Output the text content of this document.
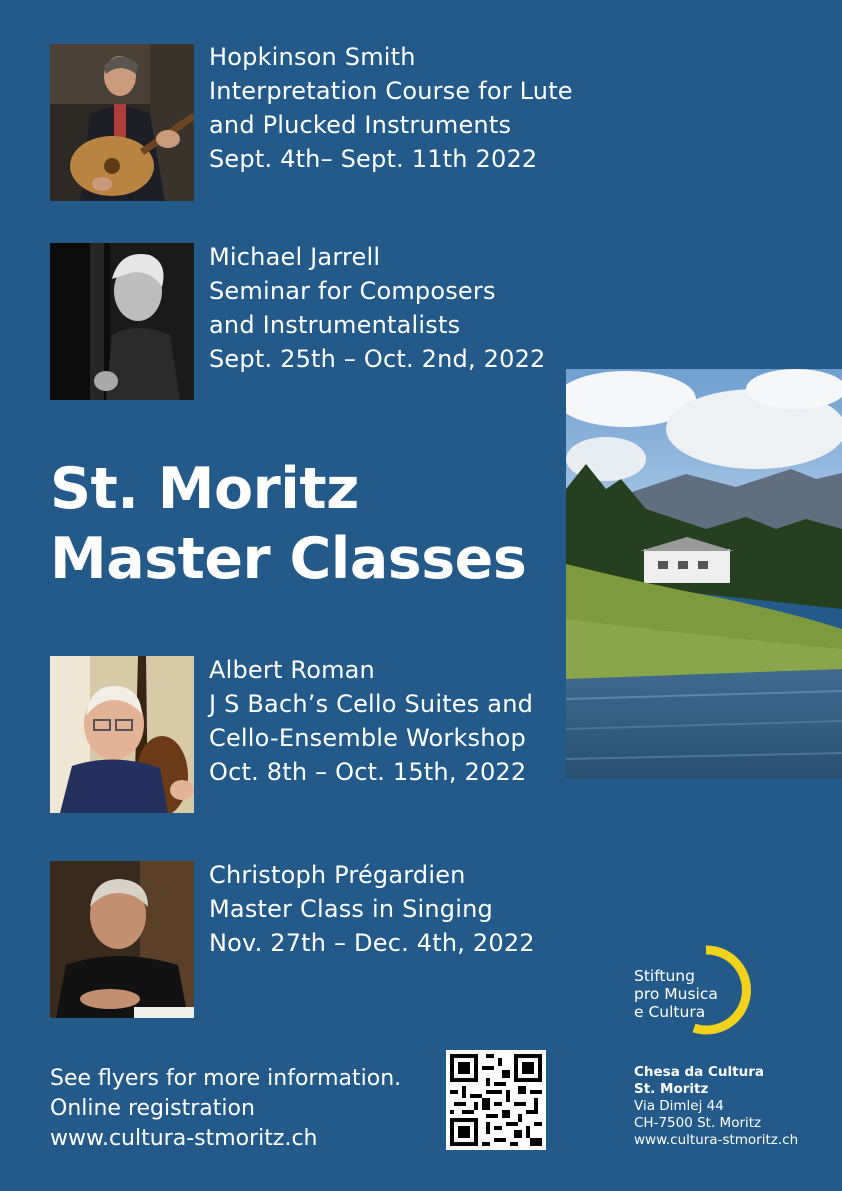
Hopkinson Smith
Interpretation Course for Lute
and Plucked Instruments
Sept. 4th– Sept. 11th 2022
Michael Jarrell
Seminar for Composers
and Instrumentalists
Sept. 25th – Oct. 2nd, 2022
St. Moritz
Master Classes
Albert Roman
J S Bach’s Cello Suites and
Cello-Ensemble Workshop
Oct. 8th – Oct. 15th, 2022
Christoph Prégardien
Master Class in Singing
Nov. 27th – Dec. 4th, 2022
Stiftung
pro Musica
e Cultura
See flyers for more information.
Online registration
www.cultura-stmoritz.ch
Chesa da Cultura
St. Moritz
Via Dimlej 44
CH-7500 St. Moritz
www.cultura-stmoritz.ch
